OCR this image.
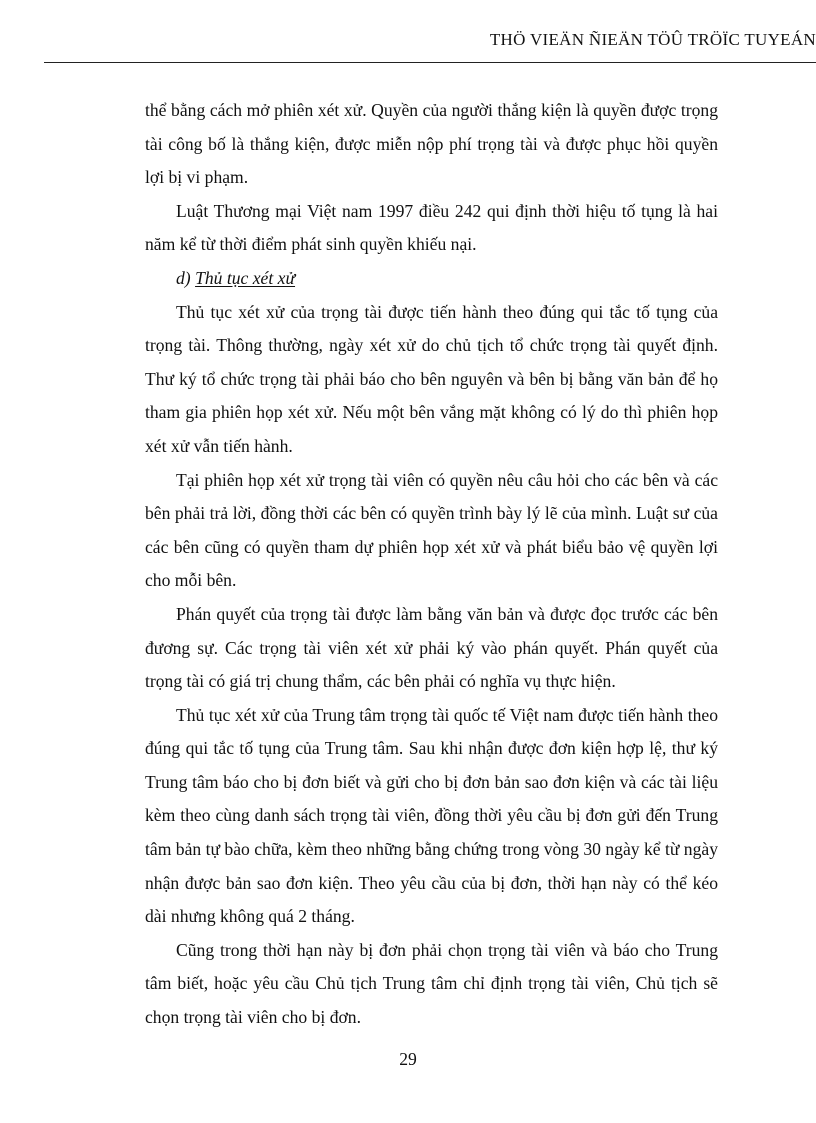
THÖ VIEÄN ÑIEÄN TÖÛ TRÖÏC TUYEÁN

thể bằng cách mở phiên xét xử. Quyền của người thắng kiện là quyền được trọng tài công bố là thắng kiện, được miễn nộp phí trọng tài và được phục hồi quyền lợi bị vi phạm.

Luật Thương mại Việt nam 1997 điều 242 qui định thời hiệu tố tụng là hai năm kể từ thời điểm phát sinh quyền khiếu nại.

d) Thủ tục xét xử

Thủ tục xét xử của trọng tài được tiến hành theo đúng qui tắc tố tụng của trọng tài. Thông thường, ngày xét xử do chủ tịch tổ chức trọng tài quyết định. Thư ký tổ chức trọng tài phải báo cho bên nguyên và bên bị bằng văn bản để họ tham gia phiên họp xét xử. Nếu một bên vắng mặt không có lý do thì phiên họp xét xử vẫn tiến hành.

Tại phiên họp xét xử trọng tài viên có quyền nêu câu hỏi cho các bên và các bên phải trả lời, đồng thời các bên có quyền trình bày lý lẽ của mình. Luật sư của các bên cũng có quyền tham dự phiên họp xét xử và phát biểu bảo vệ quyền lợi cho mỗi bên.

Phán quyết của trọng tài được làm bằng văn bản và được đọc trước các bên đương sự. Các trọng tài viên xét xử phải ký vào phán quyết. Phán quyết của trọng tài có giá trị chung thẩm, các bên phải có nghĩa vụ thực hiện.

Thủ tục xét xử của Trung tâm trọng tài quốc tế Việt nam được tiến hành theo đúng qui tắc tố tụng của Trung tâm. Sau khi nhận được đơn kiện hợp lệ, thư ký Trung tâm báo cho bị đơn biết và gửi cho bị đơn bản sao đơn kiện và các tài liệu kèm theo cùng danh sách trọng tài viên, đồng thời yêu cầu bị đơn gửi đến Trung tâm bản tự bào chữa, kèm theo những bằng chứng trong vòng 30 ngày kể từ ngày nhận được bản sao đơn kiện. Theo yêu cầu của bị đơn, thời hạn này có thể kéo dài nhưng không quá 2 tháng.

Cũng trong thời hạn này bị đơn phải chọn trọng tài viên và báo cho Trung tâm biết, hoặc yêu cầu Chủ tịch Trung tâm chỉ định trọng tài viên, Chủ tịch sẽ chọn trọng tài viên cho bị đơn.

29
